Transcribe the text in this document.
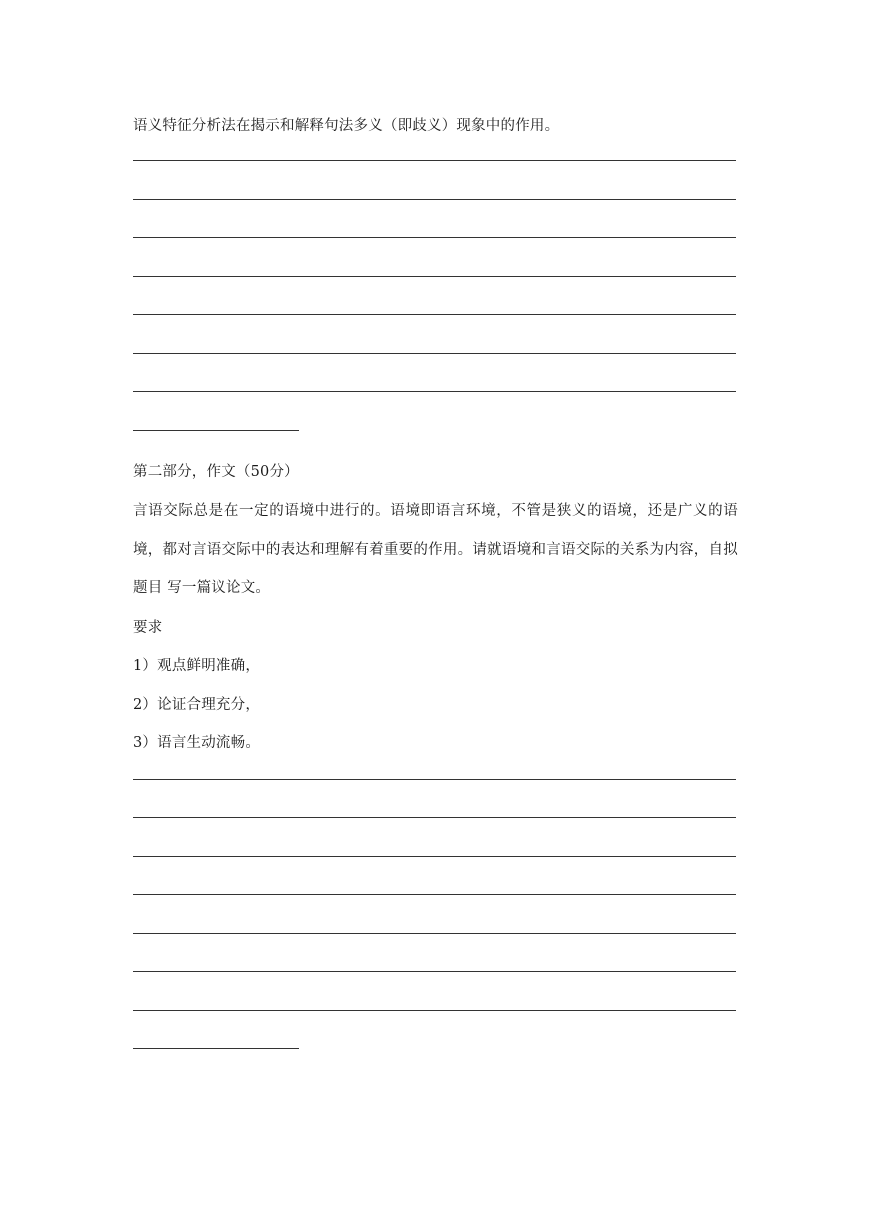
语义特征分析法在揭示和解释句法多义（即歧义）现象中的作用。
第二部分，作文（50分）
言语交际总是在一定的语境中进行的。语境即语言环境，不管是狭义的语境，还是广义的语境，都对言语交际中的表达和理解有着重要的作用。请就语境和言语交际的关系为内容，自拟题目 写一篇议论文。
要求
1）观点鲜明准确，
2）论证合理充分，
3）语言生动流畅。
